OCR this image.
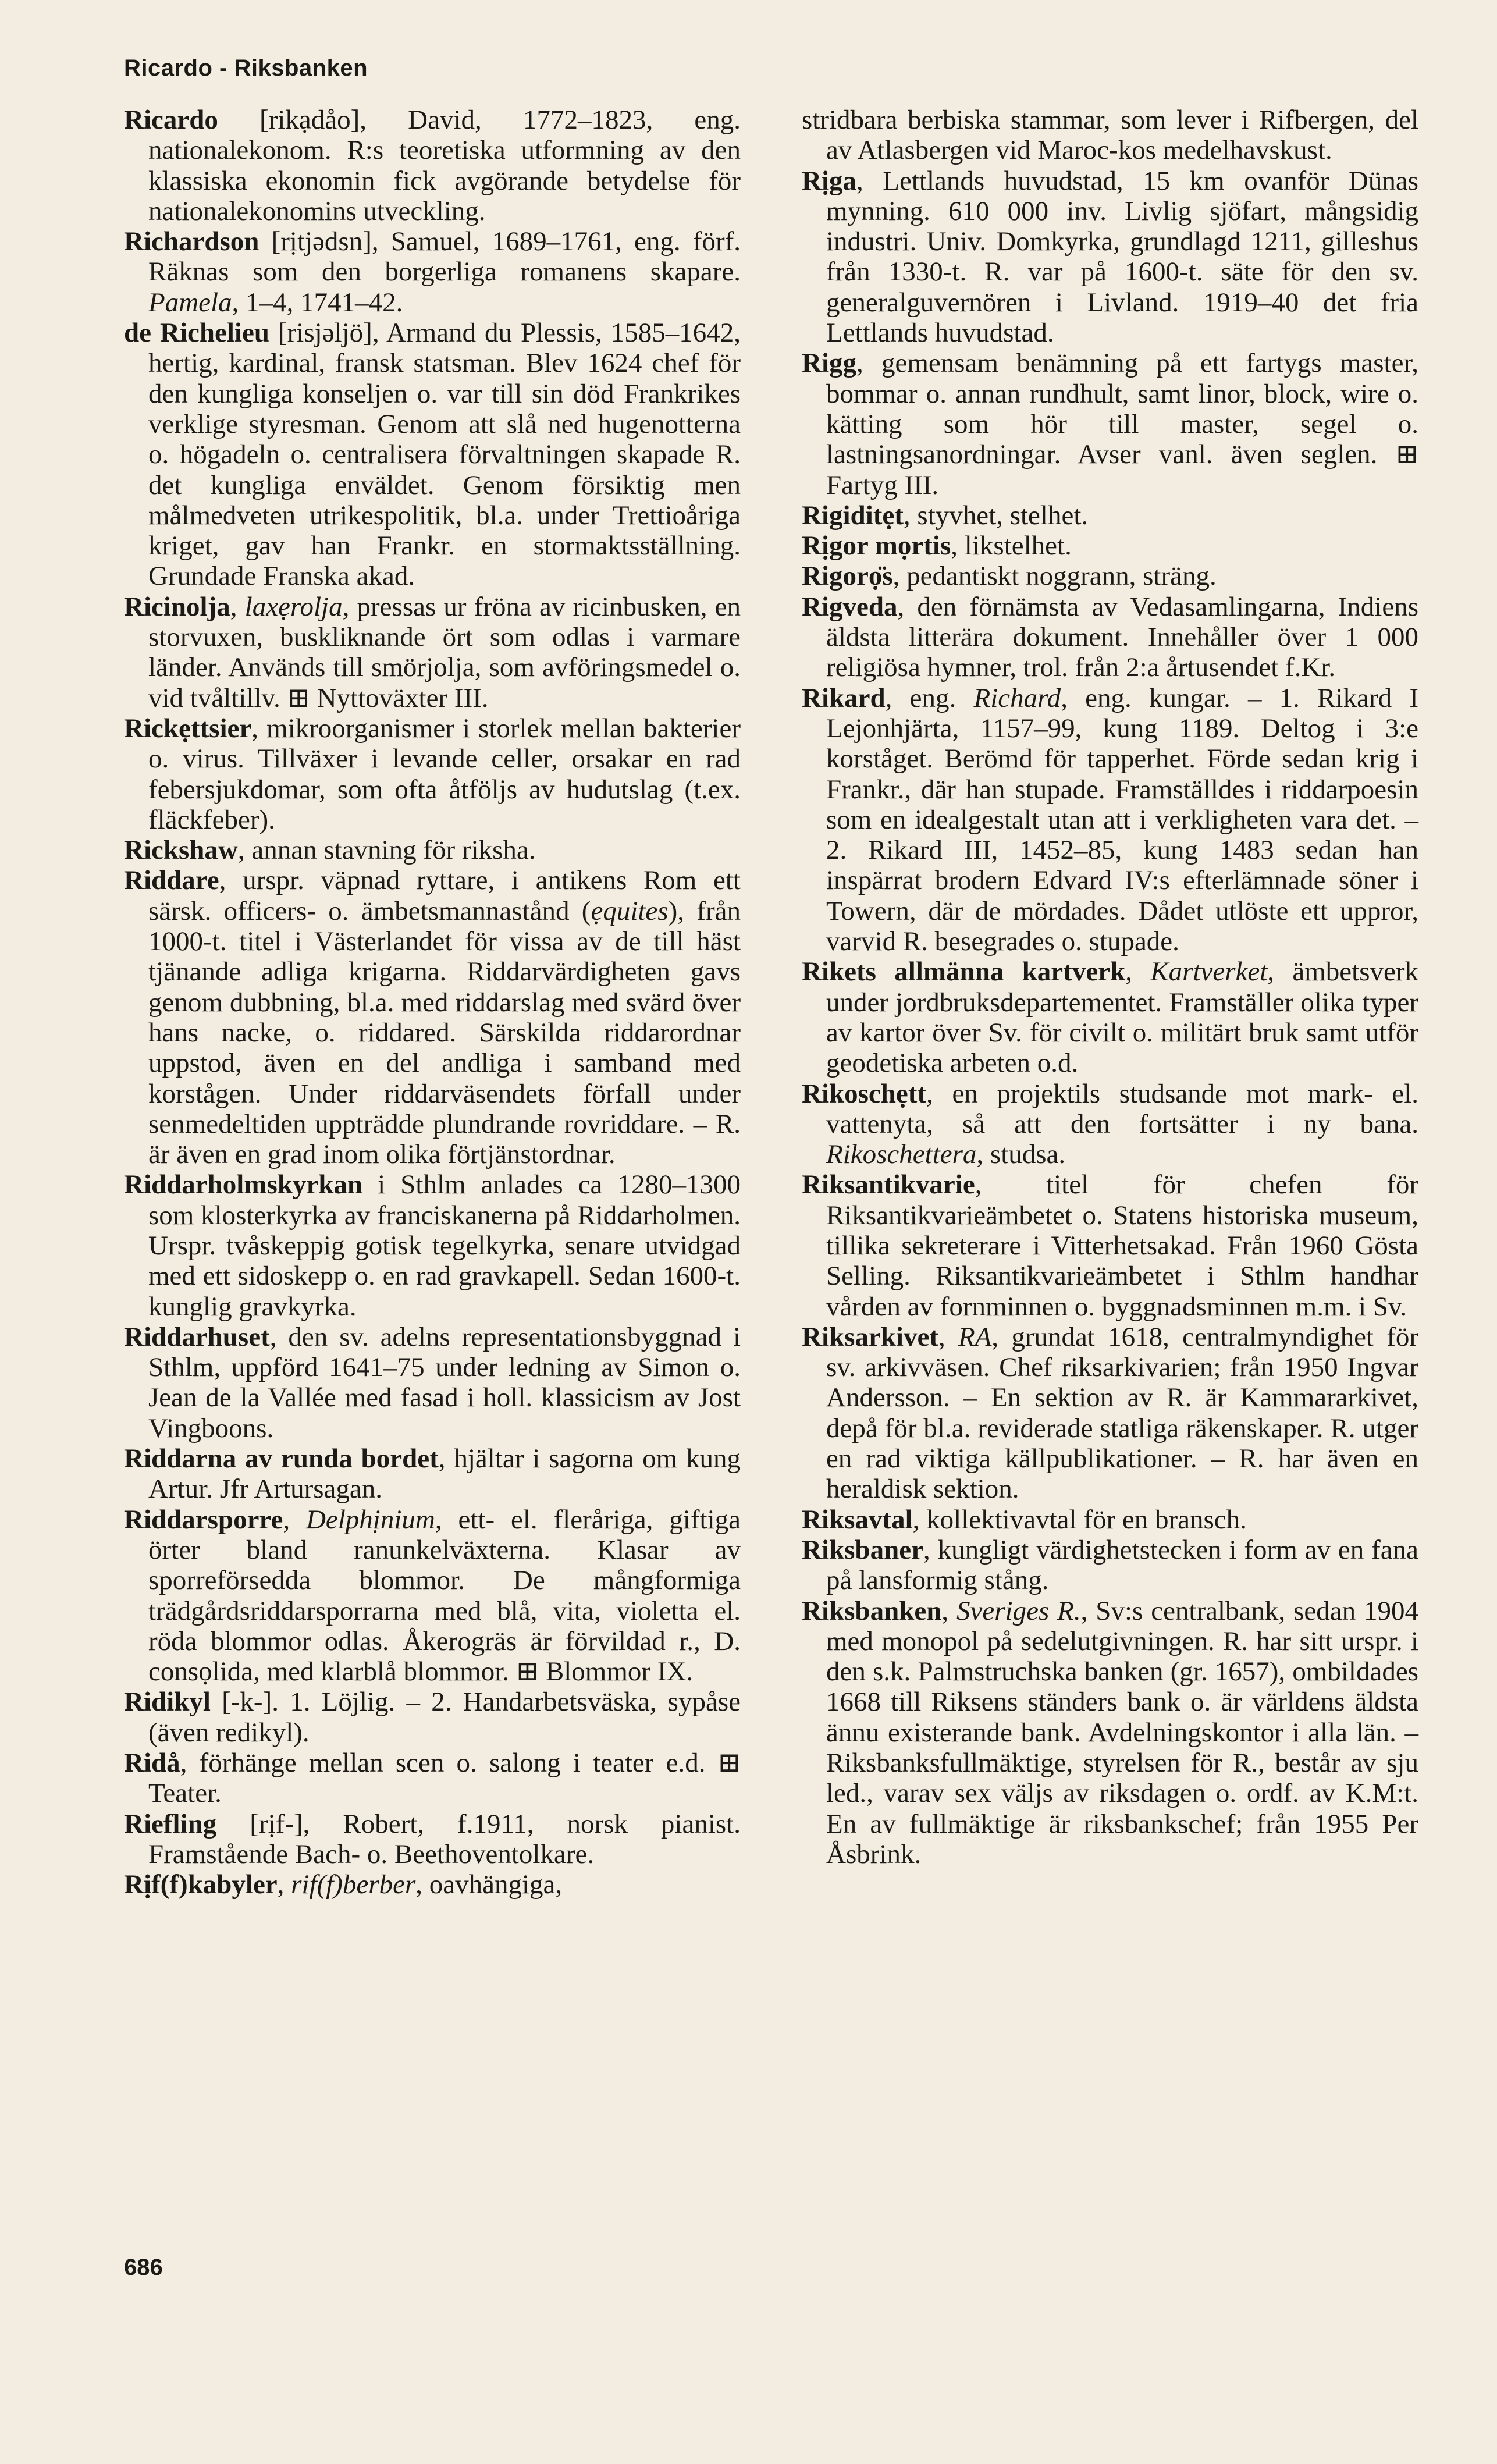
Ricardo - Riksbanken

Ricardo [rikạdåo], David, 1772–1823, eng. nationalekonom. R:s teoretiska utformning av den klassiska ekonomin fick avgörande betydelse för nationalekonomins utveckling.

Richardson [rịtjədsn], Samuel, 1689–1761, eng. förf. Räknas som den borgerliga romanens skapare. Pamela, 1–4, 1741–42.

de Richelieu [risjəljö], Armand du Plessis, 1585–1642, hertig, kardinal, fransk statsman. Blev 1624 chef för den kungliga konseljen o. var till sin död Frankrikes verklige styresman. Genom att slå ned hugenotterna o. högadeln o. centralisera förvaltningen skapade R. det kungliga enväldet. Genom försiktig men målmedveten utrikespolitik, bl.a. under Trettioåriga kriget, gav han Frankr. en stormaktsställning. Grundade Franska akad.

Ricinolja, laxẹrolja, pressas ur fröna av ricinbusken, en storvuxen, buskliknande ört som odlas i varmare länder. Används till smörjolja, som avföringsmedel o. vid tvåltillv. ⊞ Nyttoväxter III.

Rickẹttsier, mikroorganismer i storlek mellan bakterier o. virus. Tillväxer i levande celler, orsakar en rad febersjukdomar, som ofta åtföljs av hudutslag (t.ex. fläckfeber).

Rickshaw, annan stavning för riksha.

Riddare, urspr. väpnad ryttare, i antikens Rom ett särsk. officers- o. ämbetsmannastånd (ẹquites), från 1000-t. titel i Västerlandet för vissa av de till häst tjänande adliga krigarna. Riddarvärdigheten gavs genom dubbning, bl.a. med riddarslag med svärd över hans nacke, o. riddared. Särskilda riddarordnar uppstod, även en del andliga i samband med korstågen. Under riddarväsendets förfall under senmedeltiden uppträdde plundrande rovriddare. – R. är även en grad inom olika förtjänstordnar.

Riddarholmskyrkan i Sthlm anlades ca 1280–1300 som klosterkyrka av franciskanerna på Riddarholmen. Urspr. tvåskeppig gotisk tegelkyrka, senare utvidgad med ett sidoskepp o. en rad gravkapell. Sedan 1600-t. kunglig gravkyrka.

Riddarhuset, den sv. adelns representationsbyggnad i Sthlm, uppförd 1641–75 under ledning av Simon o. Jean de la Vallée med fasad i holl. klassicism av Jost Vingboons.

Riddarna av runda bordet, hjältar i sagorna om kung Artur. Jfr Artursagan.

Riddarsporre, Delphịnium, ett- el. fleråriga, giftiga örter bland ranunkelväxterna. Klasar av sporreförsedda blommor. De mångformiga trädgårdsriddarsporrarna med blå, vita, violetta el. röda blommor odlas. Åkerogräs är förvildad r., D. consọlida, med klarblå blommor. ⊞ Blommor IX.

Ridikyl [-k-]. 1. Löjlig. – 2. Handarbetsväska, sypåse (även redikyl).

Ridå, förhänge mellan scen o. salong i teater e.d. ⊞ Teater.

Riefling [rịf-], Robert, f.1911, norsk pianist. Framstående Bach- o. Beethoventolkare.

Rịf(f)kabyler, rif(f)berber, oavhängiga,

stridbara berbiska stammar, som lever i Rifbergen, del av Atlasbergen vid Maroc-kos medelhavskust.

Rịga, Lettlands huvudstad, 15 km ovanför Dünas mynning. 610 000 inv. Livlig sjöfart, mångsidig industri. Univ. Domkyrka, grundlagd 1211, gilleshus från 1330-t. R. var på 1600-t. säte för den sv. generalguvernören i Livland. 1919–40 det fria Lettlands huvudstad.

Rigg, gemensam benämning på ett fartygs master, bommar o. annan rundhult, samt linor, block, wire o. kätting som hör till master, segel o. lastningsanordningar. Avser vanl. även seglen. ⊞ Fartyg III.

Rigiditẹt, styvhet, stelhet.

Rịgor mọrtis, likstelhet.

Rigorọ̈s, pedantiskt noggrann, sträng.

Rigveda, den förnämsta av Vedasamlingarna, Indiens äldsta litterära dokument. Innehåller över 1 000 religiösa hymner, trol. från 2:a årtusendet f.Kr.

Rikard, eng. Richard, eng. kungar. – 1. Rikard I Lejonhjärta, 1157–99, kung 1189. Deltog i 3:e korståget. Berömd för tapperhet. Förde sedan krig i Frankr., där han stupade. Framställdes i riddarpoesin som en idealgestalt utan att i verkligheten vara det. – 2. Rikard III, 1452–85, kung 1483 sedan han inspärrat brodern Edvard IV:s efterlämnade söner i Towern, där de mördades. Dådet utlöste ett uppror, varvid R. besegrades o. stupade.

Rikets allmänna kartverk, Kartverket, ämbetsverk under jordbruksdepartementet. Framställer olika typer av kartor över Sv. för civilt o. militärt bruk samt utför geodetiska arbeten o.d.

Rikoschẹtt, en projektils studsande mot mark- el. vattenyta, så att den fortsätter i ny bana. Rikoschettera, studsa.

Riksantikvarie, titel för chefen för Riksantikvarieämbetet o. Statens historiska museum, tillika sekreterare i Vitterhetsakad. Från 1960 Gösta Selling. Riksantikvarieämbetet i Sthlm handhar vården av fornminnen o. byggnadsminnen m.m. i Sv.

Riksarkivet, RA, grundat 1618, centralmyndighet för sv. arkivväsen. Chef riksarkivarien; från 1950 Ingvar Andersson. – En sektion av R. är Kammararkivet, depå för bl.a. reviderade statliga räkenskaper. R. utger en rad viktiga källpublikationer. – R. har även en heraldisk sektion.

Riksavtal, kollektivavtal för en bransch.

Riksbaner, kungligt värdighetstecken i form av en fana på lansformig stång.

Riksbanken, Sveriges R., Sv:s centralbank, sedan 1904 med monopol på sedelutgivningen. R. har sitt urspr. i den s.k. Palmstruchska banken (gr. 1657), ombildades 1668 till Riksens ständers bank o. är världens äldsta ännu existerande bank. Avdelningskontor i alla län. – Riksbanksfullmäktige, styrelsen för R., består av sju led., varav sex väljs av riksdagen o. ordf. av K.M:t. En av fullmäktige är riksbankschef; från 1955 Per Åsbrink.

686
